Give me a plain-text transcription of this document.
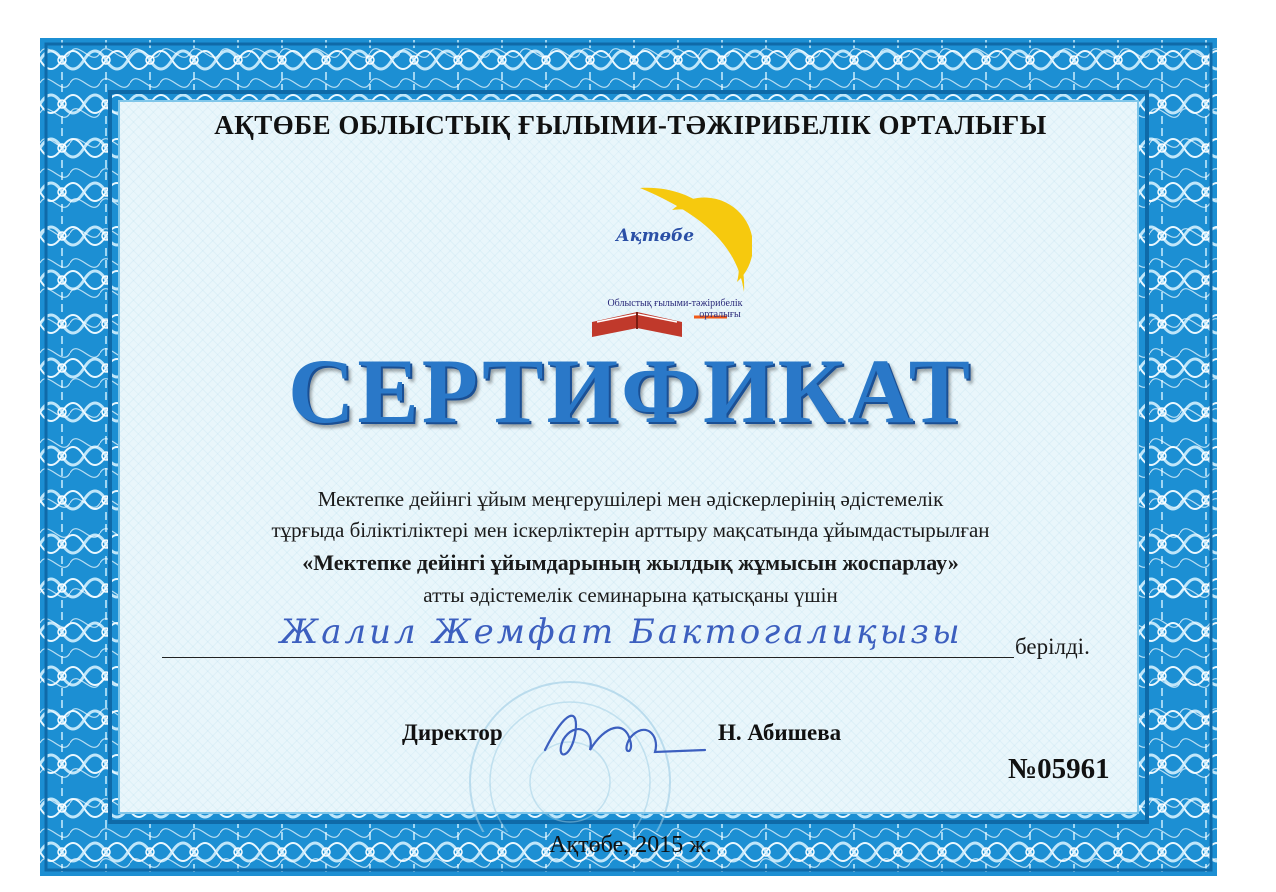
АҚТӨБЕ ОБЛЫСТЫҚ ҒЫЛЫМИ-ТӘЖІРИБЕЛІК ОРТАЛЫҒЫ
Ақтөбе
Облыстық ғылыми-тәжірибелік
орталығы
СЕРТИФИКАТ
Мектепке дейінгі ұйым меңгерушілері мен әдіскерлерінің әдістемелік
тұрғыда біліктіліктері мен іскерліктерін арттыру мақсатында ұйымдастырылған
«Мектепке дейінгі ұйымдарының жылдық жұмысын жоспарлау»
атты әдістемелік семинарына қатысқаны үшін
Жалил Жемфат Бактогалиқызы	берілді.
Директор	Н. Абишева
№05961
Ақтөбе, 2015 ж.
